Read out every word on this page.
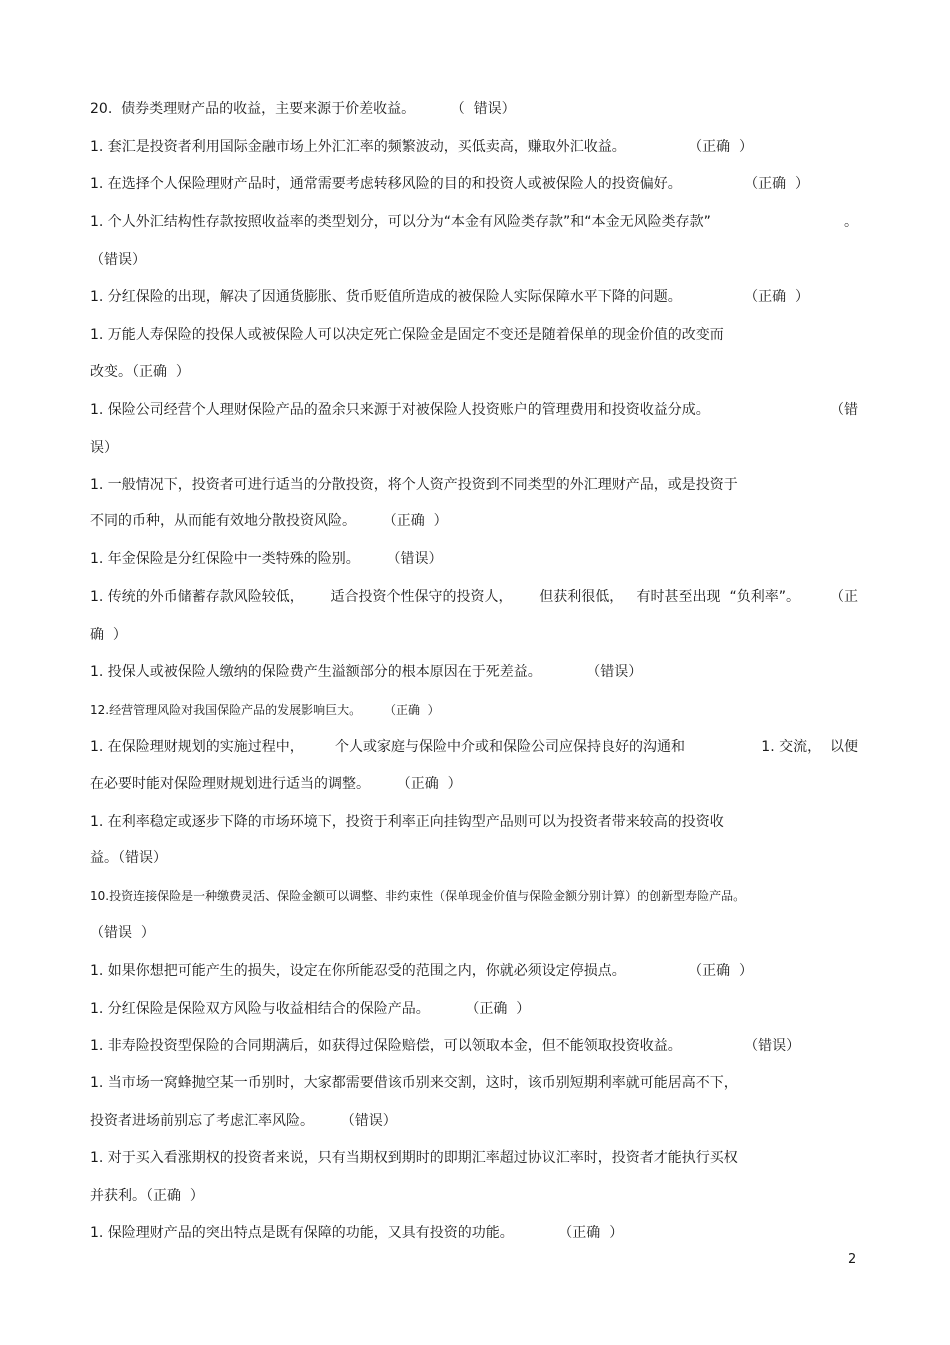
20.  债券类理财产品的收益，主要来源于价差收益。        （  错误）
1. 套汇是投资者利用国际金融市场上外汇汇率的频繁波动，买低卖高，赚取外汇收益。              （正确  ）
1. 在选择个人保险理财产品时，通常需要考虑转移风险的目的和投资人或被保险人的投资偏好。              （正确  ）
1. 个人外汇结构性存款按照收益率的类型划分，可以分为“本金有风险类存款”和“本金无风险类存款”	。
（错误）
1. 分红保险的出现，解决了因通货膨胀、货币贬值所造成的被保险人实际保障水平下降的问题。              （正确  ）
1. 万能人寿保险的投保人或被保险人可以决定死亡保险金是固定不变还是随着保单的现金价值的改变而
改变。（正确  ）
1. 保险公司经营个人理财保险产品的盈余只来源于对被保险人投资账户的管理费用和投资收益分成。	（错
误）
1. 一般情况下，投资者可进行适当的分散投资，将个人资产投资到不同类型的外汇理财产品，或是投资于
不同的币种，从而能有效地分散投资风险。      （正确  ）
1. 年金保险是分红保险中一类特殊的险别。      （错误）
1. 传统的外币储蓄存款风险较低，      适合投资个性保守的投资人，      但获利很低，   有时甚至出现  “负利率”。 （正
确  ）
1. 投保人或被保险人缴纳的保险费产生溢额部分的根本原因在于死差益。          （错误）
12.经营管理风险对我国保险产品的发展影响巨大。      （正确  ）
1. 在保险理财规划的实施过程中，       个人或家庭与保险中介或和保险公司应保持良好的沟通和	1. 交流，  以便
在必要时能对保险理财规划进行适当的调整。      （正确  ）
1. 在利率稳定或逐步下降的市场环境下，投资于利率正向挂钩型产品则可以为投资者带来较高的投资收
益。（错误）
10.投资连接保险是一种缴费灵活、保险金额可以调整、非约束性（保单现金价值与保险金额分别计算）的创新型寿险产品。
（错误  ）
1. 如果你想把可能产生的损失，设定在你所能忍受的范围之内，你就必须设定停损点。              （正确  ）
1. 分红保险是保险双方风险与收益相结合的保险产品。        （正确  ）
1. 非寿险投资型保险的合同期满后，如获得过保险赔偿，可以领取本金，但不能领取投资收益。              （错误）
1. 当市场一窝蜂抛空某一币别时，大家都需要借该币别来交割，这时，该币别短期利率就可能居高不下，
投资者进场前别忘了考虑汇率风险。      （错误）
1. 对于买入看涨期权的投资者来说，只有当期权到期时的即期汇率超过协议汇率时，投资者才能执行买权
并获利。（正确  ）
1. 保险理财产品的突出特点是既有保障的功能，又具有投资的功能。          （正确  ）
2
